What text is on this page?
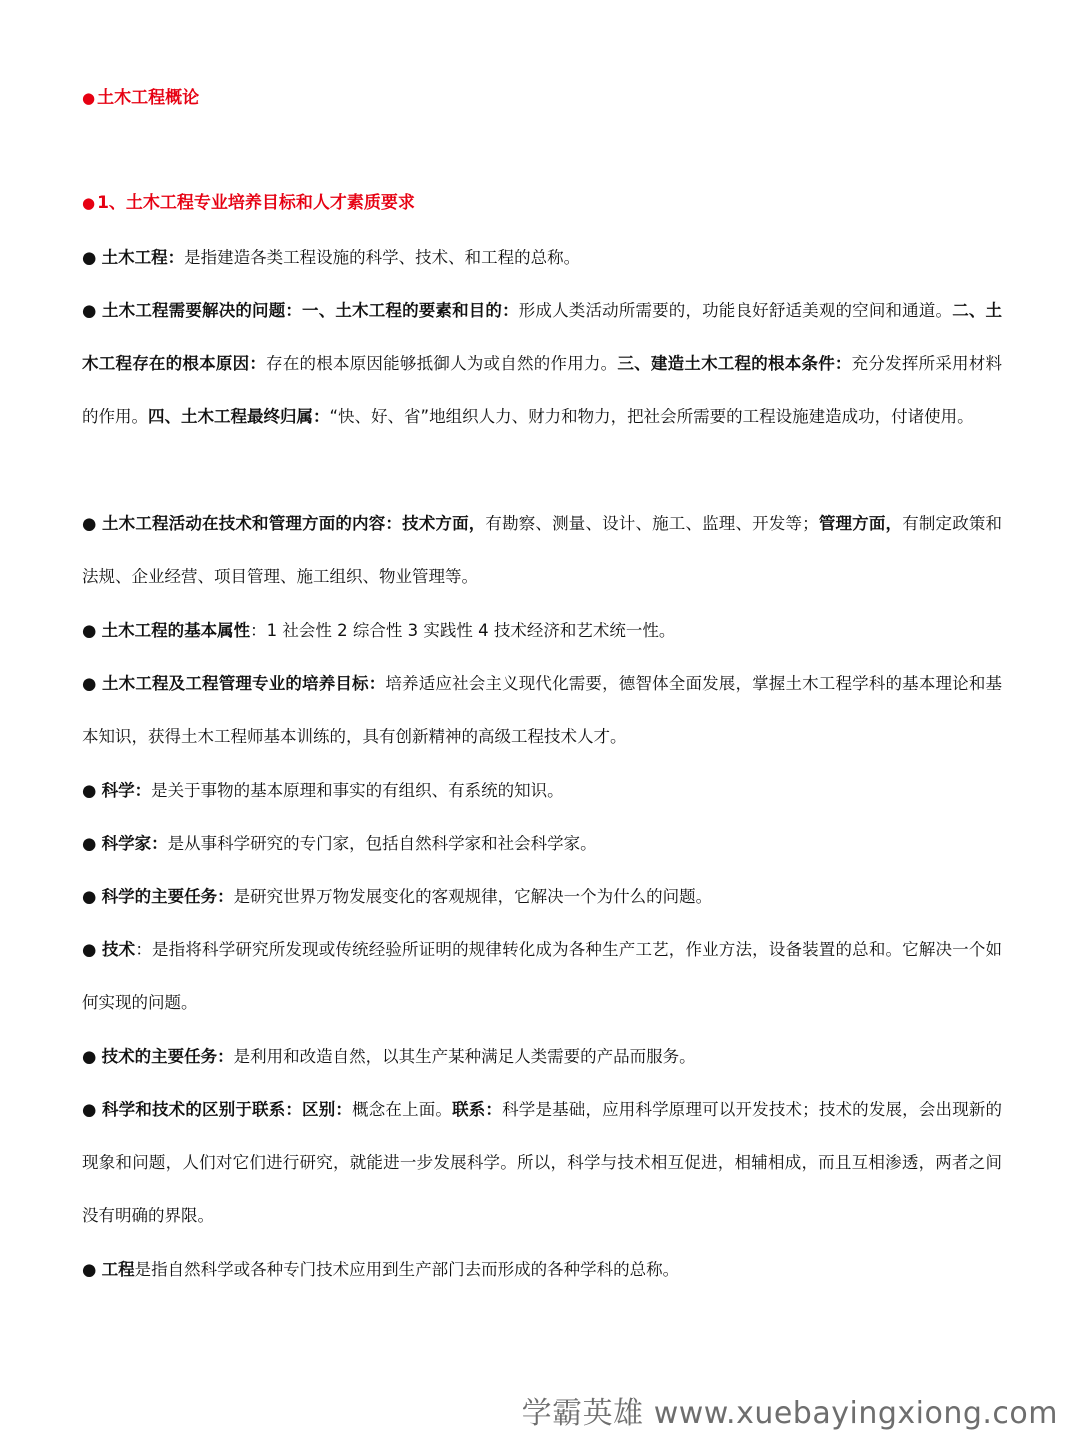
● 土木工程概论
● 1、土木工程专业培养目标和人才素质要求
● 土木工程：是指建造各类工程设施的科学、技术、和工程的总称。
● 土木工程需要解决的问题：一、土木工程的要素和目的：形成人类活动所需要的，功能良好舒适美观的空间和通道。二、土木工程存在的根本原因：存在的根本原因能够抵御人为或自然的作用力。三、建造土木工程的根本条件：充分发挥所采用材料的作用。四、土木工程最终归属：“快、好、省”地组织人力、财力和物力，把社会所需要的工程设施建造成功，付诸使用。
● 土木工程活动在技术和管理方面的内容：技术方面，有勘察、测量、设计、施工、监理、开发等；管理方面，有制定政策和法规、企业经营、项目管理、施工组织、物业管理等。
● 土木工程的基本属性：1 社会性 2 综合性 3 实践性 4 技术经济和艺术统一性。
● 土木工程及工程管理专业的培养目标：培养适应社会主义现代化需要，德智体全面发展，掌握土木工程学科的基本理论和基本知识，获得土木工程师基本训练的，具有创新精神的高级工程技术人才。
● 科学：是关于事物的基本原理和事实的有组织、有系统的知识。
● 科学家：是从事科学研究的专门家，包括自然科学家和社会科学家。
● 科学的主要任务：是研究世界万物发展变化的客观规律，它解决一个为什么的问题。
● 技术：是指将科学研究所发现或传统经验所证明的规律转化成为各种生产工艺，作业方法，设备装置的总和。它解决一个如何实现的问题。
● 技术的主要任务：是利用和改造自然，以其生产某种满足人类需要的产品而服务。
● 科学和技术的区别于联系：区别：概念在上面。联系：科学是基础，应用科学原理可以开发技术；技术的发展，会出现新的现象和问题，人们对它们进行研究，就能进一步发展科学。所以，科学与技术相互促进，相辅相成，而且互相渗透，两者之间没有明确的界限。
● 工程是指自然科学或各种专门技术应用到生产部门去而形成的各种学科的总称。
学霸英雄 www.xuebayingxiong.com
